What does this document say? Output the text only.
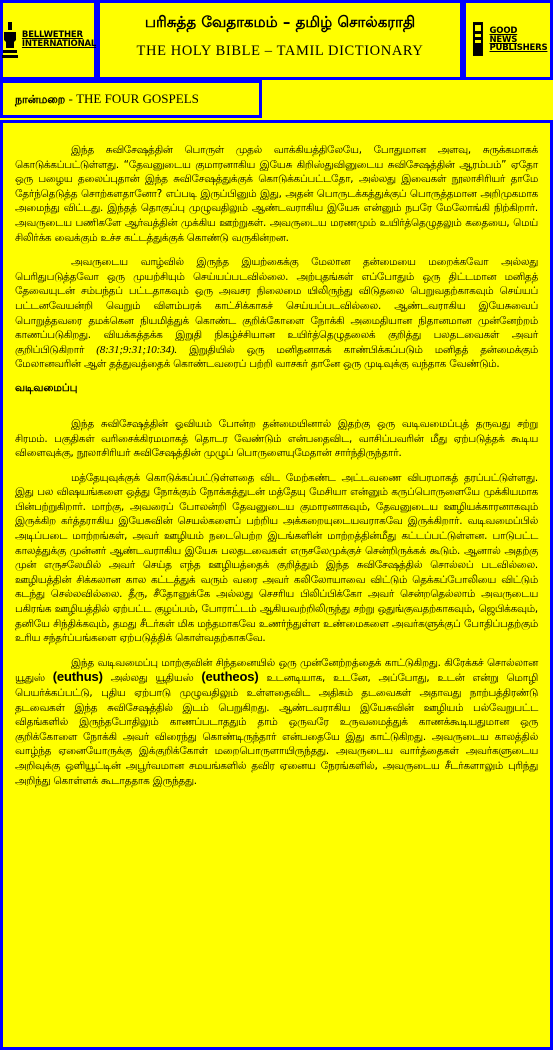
BELLWETHER
INTERNATIONAL
பரிசுத்த வேதாகமம் – தமிழ் சொல்கராதி
THE HOLY BIBLE – TAMIL DICTIONARY
GOOD NEWS
PUBLISHERS
நான்மறை - THE FOUR GOSPELS

இந்த சுவிசேஷத்தின் பொருள் முதல் வாக்கியத்திலேயே, போதுமான அளவு, சுருக்கமாகக் கொடுக்கப்பட்டுள்ளது. “தேவனுடைய குமாரனாகிய இயேசு கிறிஸ்துவினுடைய சுவிசேஷத்தின் ஆரம்பம்” ஏதோ ஒரு பழைய தலைப்புதான் இந்த சுவிசேஷத்துக்குக் கொடுக்கப்பட்டதோ, அல்லது இவைகள் நூலாசிரியர் தாமே தேர்ந்தெடுத்த சொற்களதானோ? எப்படி இருப்பினும் இது, அதன் பொருடக்கத்துக்குப் பொருத்தமான அறிமுகமாக அமைந்து விட்டது. இந்தத் தொகுப்பு முழுவதிலும் ஆண்டவராகிய இயேசு என்னும் நபரே மேலோங்கி நிற்கிறார். அவருடைய பணிகளே ஆர்வத்தின் முக்கிய ஊற்றுகள். அவருடைய மரணமும் உயிர்த்தெழுதலும் கதையை, மெய் சிலிர்க்க வைக்கும் உச்ச கட்டத்துக்குக் கொண்டு வருகின்றன.

அவருடைய வாழ்வில் இருந்த இயற்கைக்கு மேலான தன்மையை மறைக்கவோ அல்லது பெரிதுபடுத்தவோ ஒரு முயற்சியும் செய்யப்படவில்லை. அற்புதங்கள் எப்போதும் ஒரு திட்டமான மனிதத் தேவையுடன் சம்பந்தப் பட்டதாகவும் ஒரு அவசர நிலைமை யிலிருந்து விடுதலை பெறுவதற்காகவும் செய்யப் பட்டனவேயன்றி வெறும் விளம்பரக் காட்சிக்காகச் செய்யப்படவில்லை. ஆண்டவராகிய இயேசுவைப் பொறுத்தவரை தமக்கென நியமித்துக் கொண்ட குறிக்கோளை நோக்கி அமைதியான நிதானமான முன்னேற்றம் காணப்படுகிறது. வியக்கத்தக்க இறுதி நிகழ்ச்சியான உயிர்த்தெழுதலைக் குறித்து பலதடவைகள் அவர் குறிப்பிடுகிறார் (8:31;9:31;10:34). இறுதியில் ஒரு மனிதனாகக் காண்பிக்கப்படும் மனிதத் தன்மைக்கும் மேலானவரின் ஆள் தத்துவத்தைக் கொண்டவரைப் பற்றி வாசகர் தானே ஒரு முடிவுக்கு வந்தாக வேண்டும்.

வடிவமைப்பு

இந்த சுவிசேஷத்தின் ஓவியம் போன்ற தன்மையினால் இதற்கு ஒரு வடிவமைப்புத் தருவது சற்று சிரமம். பகுதிகள் வரிசைக்கிரமமாகத் தொடர வேண்டும் என்பதைவிட, வாசிப்பவரின் மீது ஏற்படுத்தக் கூடிய விளைவுக்கு, நூலாசிரியர் சுவிசேஷத்தின் முழுப் பொருளையுமேதான் சார்ந்திருந்தார்.

மத்தேயுவுக்குக் கொடுக்கப்பட்டுள்ளதை விட மேற்கண்ட அட்டவணை விபரமாகத் தரப்பட்டுள்ளது. இது பல விஷயங்களை ஒத்து நோக்கும் நோக்கத்துடன் மத்தேயு மேசியா என்னும் கருப்பொருளையே முக்கியமாக பின்பற்றுகிறார். மாற்கு, அவரைப் போலன்றி தேவனுடைய குமாரனாகவும், தேவனுடைய ஊழியக்காரனாகவும் இருக்கிற கர்த்தராகிய இயேசுவின் செயல்களைப் பற்றிய அக்கறையுடையவராகவே இருக்கிறார். வடிவமைப்பில் அடிப்படை மாற்றங்கள், அவர் ஊழியம் நடைபெற்ற இடங்களின் மாற்றத்தின்மீது கட்டப்பட்டுள்ளன. பாடுபட்ட காலத்துக்கு முன்னர் ஆண்டவராகிய இயேசு பலதடவைகள் எருசலேமுக்குச் சென்றிருக்கக் கூடும். ஆனால் அதற்கு முன் எருசலேமில் அவர் செய்த எந்த ஊழியத்தைக் குறித்தும் இந்த சுவிசேஷத்தில் சொல்லப் படவில்லை. ஊழியத்தின் சிக்கலான கால கட்டத்துக் வரும் வரை அவர் கலிலோயாவை விட்டும் தெக்கப்போலியை விட்டும் கடந்து செல்லவில்லை. தீரு, சீதோனுக்கே அல்லது செசரிய பிலிப்பிக்கோ அவர் சென்றதெல்லாம் அவருடைய பகிரங்க ஊழியத்தில் ஏற்பட்ட குழப்பம், போராட்டம் ஆகியவற்றிலிருந்து சற்று ஒதுங்குவதற்காகவும், ஜெபிக்கவும், தனியே சிந்திக்கவும், தமது சீடர்கள் மிக மந்தமாகவே உணர்ந்துள்ள உண்மைகளை அவர்களுக்குப் போதிப்பதற்கும் உரிய சந்தர்ப்பங்களை ஏற்படுத்திக் கொள்வதற்காகவே.

இந்த வடிவமைப்பு மாற்குவின் சிந்தனையில் ஒரு முன்னேற்றத்தைக் காட்டுகிறது. கிரேக்கச் சொல்லான யூதுஸ் (euthus) அல்லது யூதியஸ் (eutheos) உடனடியாக, உடனே, அப்போது, உடன் என்று மொழி பெயர்க்கப்பட்டு, புதிய ஏற்பாடு முழுவதிலும் உள்ளதைவிட அதிகம் தடவைகள் அதாவது நாற்பத்திரண்டு தடவைகள் இந்த சுவிசேஷத்தில் இடம் பெறுகிறது. ஆண்டவராகிய இயேசுவின் ஊழியம் பல்வேறுபட்ட விதங்களில் இருந்தபோதிலும் காணப்படாததும் தாம் ஒருவரே உருவமைத்துக் காணக்கூடியதுமான ஒரு குறிக்கோளை நோக்கி அவர் விரைந்து கொண்டிருந்தார் என்பதையே இது காட்டுகிறது. அவருடைய காலத்தில் வாழ்ந்த ஏனையோருக்கு இக்குறிக்கோள் மறைபொருளாயிருந்தது. அவருடைய வார்த்தைகள் அவர்களுடைய அறிவுக்கு ஒளியூட்டின் அபூர்வமான சமயங்களில் தவிர ஏனைய நேரங்களில், அவருடைய சீடர்களாலும் புரிந்து அறிந்து கொள்ளக் கூடாததாக இருந்தது.
